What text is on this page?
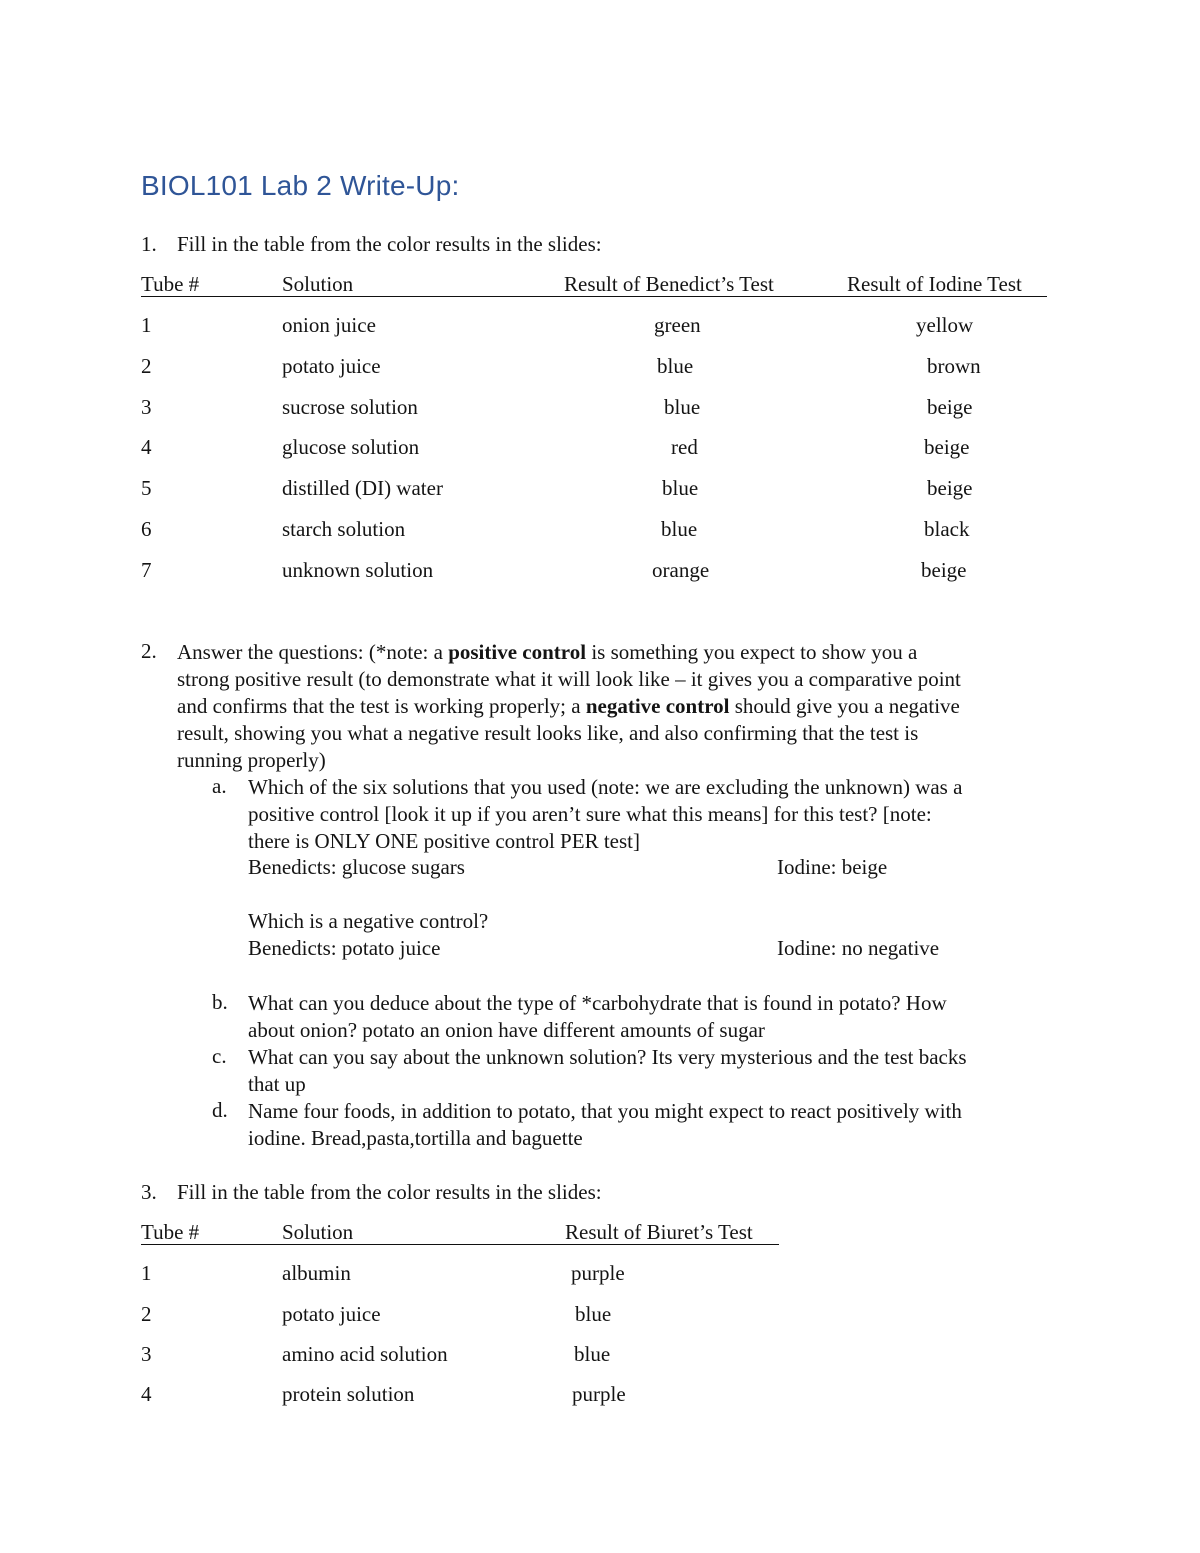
BIOL101 Lab 2 Write-Up:
1. Fill in the table from the color results in the slides:
Tube #	Solution	Result of Benedict’s Test	Result of Iodine Test
1	onion juice	green	yellow
2	potato juice	blue	brown
3	sucrose solution	blue	beige
4	glucose solution	red	beige
5	distilled (DI) water	blue	beige
6	starch solution	blue	black
7	unknown solution	orange	beige
2. Answer the questions: (*note: a positive control is something you expect to show you a
strong positive result (to demonstrate what it will look like – it gives you a comparative point
and confirms that the test is working properly; a negative control should give you a negative
result, showing you what a negative result looks like, and also confirming that the test is
running properly)
a. Which of the six solutions that you used (note: we are excluding the unknown) was a
positive control [look it up if you aren’t sure what this means] for this test? [note:
there is ONLY ONE positive control PER test]
Benedicts: glucose sugars	Iodine: beige
Which is a negative control?
Benedicts: potato juice	Iodine: no negative
b. What can you deduce about the type of *carbohydrate that is found in potato? How
about onion? potato an onion have different amounts of sugar
c. What can you say about the unknown solution? Its very mysterious and the test backs
that up
d. Name four foods, in addition to potato, that you might expect to react positively with
iodine. Bread,pasta,tortilla and baguette
3. Fill in the table from the color results in the slides:
Tube #	Solution	Result of Biuret’s Test
1	albumin	purple
2	potato juice	blue
3	amino acid solution	blue
4	protein solution	purple
